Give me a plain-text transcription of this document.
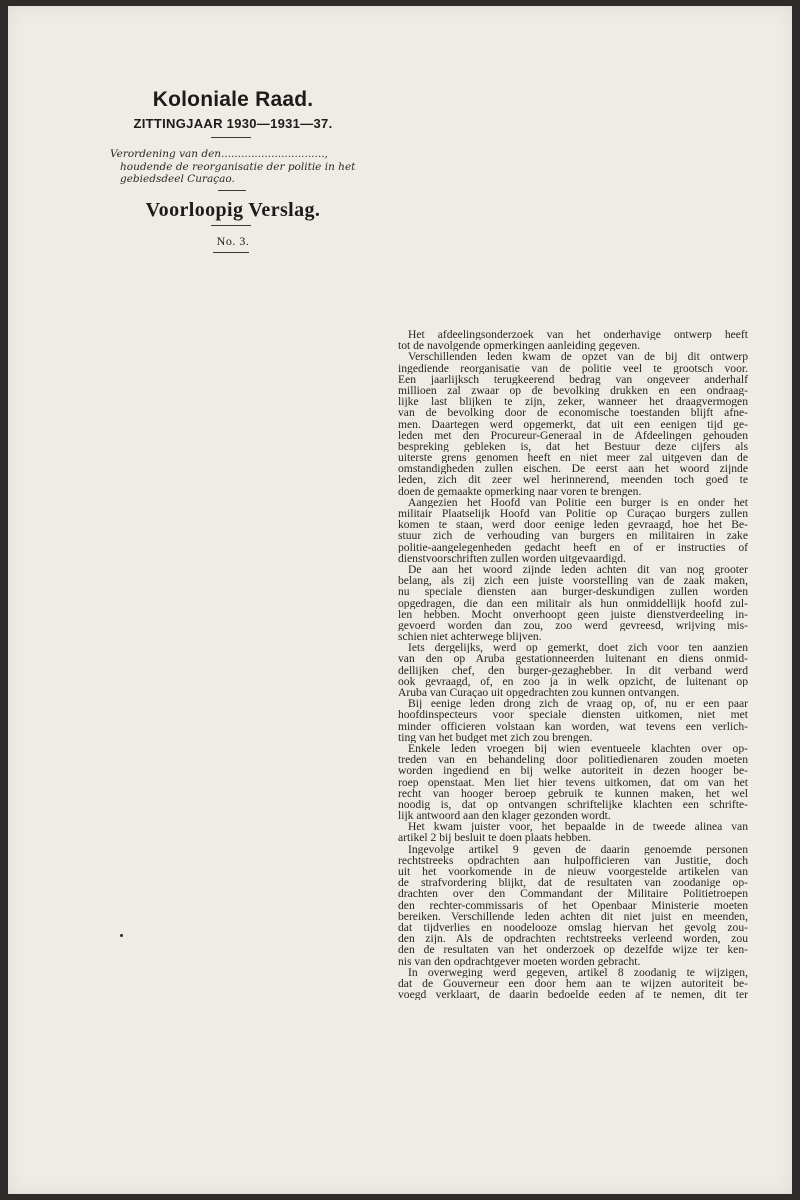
Koloniale Raad.
ZITTINGJAAR 1930—1931—37.
Verordening van den...............................,
houdende de reorganisatie der politie in het
gebiedsdeel Curaçao.
Voorloopig Verslag.
No. 3.
Het afdeelingsonderzoek van het onderhavige ontwerp heeft
tot de navolgende opmerkingen aanleiding gegeven.
Verschillenden leden kwam de opzet van de bij dit ontwerp
ingediende reorganisatie van de politie veel te grootsch voor.
Een jaarlijksch terugkeerend bedrag van ongeveer anderhalf
millioen zal zwaar op de bevolking drukken en een ondraag-
lijke last blijken te zijn, zeker, wanneer het draagvermogen
van de bevolking door de economische toestanden blijft afne-
men. Daartegen werd opgemerkt, dat uit een eenigen tijd ge-
leden met den Procureur-Generaal in de Afdeelingen gehouden
bespreking gebleken is, dat het Bestuur deze cijfers als
uiterste grens genomen heeft en niet meer zal uitgeven dan de
omstandigheden zullen eischen. De eerst aan het woord zijnde
leden, zich dit zeer wel herinnerend, meenden toch goed te
doen de gemaakte opmerking naar voren te brengen.
Aangezien het Hoofd van Politie een burger is en onder het
militair Plaatselijk Hoofd van Politie op Curaçao burgers zullen
komen te staan, werd door eenige leden gevraagd, hoe het Be-
stuur zich de verhouding van burgers en militairen in zake
politie-aangelegenheden gedacht heeft en of er instructies of
dienstvoorschriften zullen worden uitgevaardigd.
De aan het woord zijnde leden achten dit van nog grooter
belang, als zij zich een juiste voorstelling van de zaak maken,
nu speciale diensten aan burger-deskundigen zullen worden
opgedragen, die dan een militair als hun onmiddellijk hoofd zul-
len hebben. Mocht onverhoopt geen juiste dienstverdeeling in-
gevoerd worden dan zou, zoo werd gevreesd, wrijving mis-
schien niet achterwege blijven.
Iets dergelijks, werd op gemerkt, doet zich voor ten aanzien
van den op Aruba gestationneerden luitenant en diens onmid-
dellijken chef, den burger-gezaghebber. In dit verband werd
ook gevraagd, of, en zoo ja in welk opzicht, de luitenant op
Aruba van Curaçao uit opgedrachten zou kunnen ontvangen.
Bij eenige leden drong zich de vraag op, of, nu er een paar
hoofdinspecteurs voor speciale diensten uitkomen, niet met
minder officieren volstaan kan worden, wat tevens een verlich-
ting van het budget met zich zou brengen.
Enkele leden vroegen bij wien eventueele klachten over op-
treden van en behandeling door politiedienaren zouden moeten
worden ingediend en bij welke autoriteit in dezen hooger be-
roep openstaat. Men liet hier tevens uitkomen, dat om van het
recht van hooger beroep gebruik te kunnen maken, het wel
noodig is, dat op ontvangen schriftelijke klachten een schrifte-
lijk antwoord aan den klager gezonden wordt.
Het kwam juister voor, het bepaalde in de tweede alinea van
artikel 2 bij besluit te doen plaats hebben.
Ingevolge artikel 9 geven de daarin genoemde personen
rechtstreeks opdrachten aan hulpofficieren van Justitie, doch
uit het voorkomende in de nieuw voorgestelde artikelen van
de strafvordering blijkt, dat de resultaten van zoodanige op-
drachten over den Commandant der Militaire Politietroepen
den rechter-commissaris of het Openbaar Ministerie moeten
bereiken. Verschillende leden achten dit niet juist en meenden,
dat tijdverlies en noodelooze omslag hiervan het gevolg zou-
den zijn. Als de opdrachten rechtstreeks verleend worden, zou
den de resultaten van het onderzoek op dezelfde wijze ter ken-
nis van den opdrachtgever moeten worden gebracht.
In overweging werd gegeven, artikel 8 zoodanig te wijzigen,
dat de Gouverneur een door hem aan te wijzen autoriteit be-
voegd verklaart, de daarin bedoelde eeden af te nemen, dit ter
